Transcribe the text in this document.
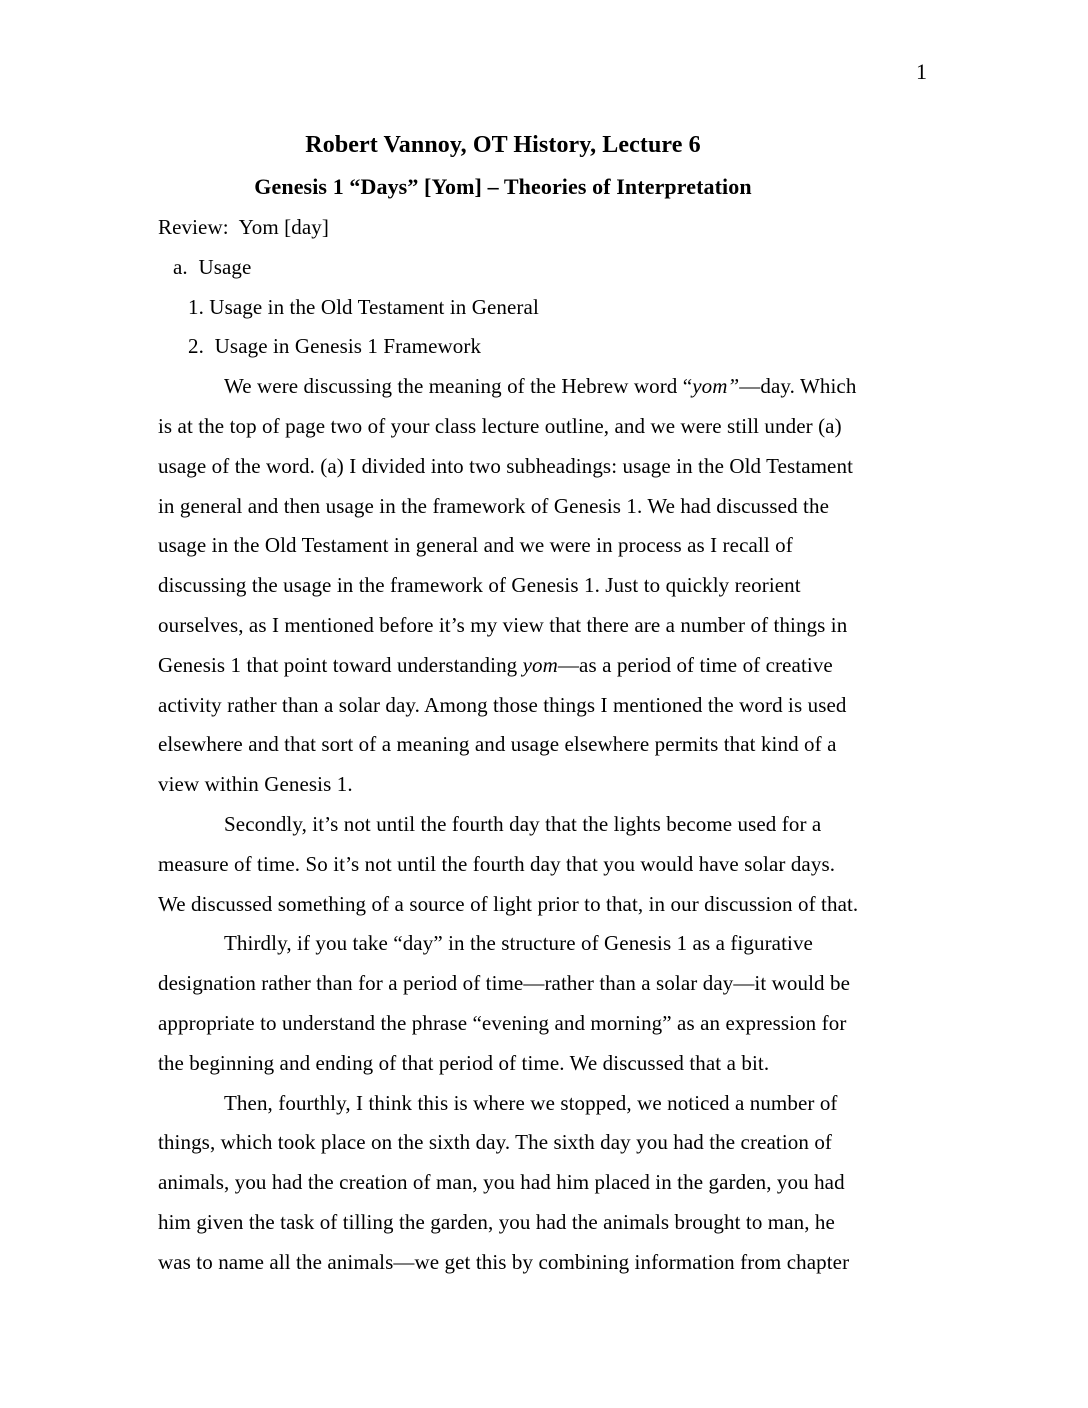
1
Robert Vannoy, OT History, Lecture 6
Genesis 1 “Days” [Yom] – Theories of Interpretation
Review:  Yom [day]
a.  Usage
1. Usage in the Old Testament in General
2.  Usage in Genesis 1 Framework
We were discussing the meaning of the Hebrew word “yom”—day. Which
is at the top of page two of your class lecture outline, and we were still under (a)
usage of the word. (a) I divided into two subheadings: usage in the Old Testament
in general and then usage in the framework of Genesis 1. We had discussed the
usage in the Old Testament in general and we were in process as I recall of
discussing the usage in the framework of Genesis 1. Just to quickly reorient
ourselves, as I mentioned before it’s my view that there are a number of things in
Genesis 1 that point toward understanding yom—as a period of time of creative
activity rather than a solar day. Among those things I mentioned the word is used
elsewhere and that sort of a meaning and usage elsewhere permits that kind of a
view within Genesis 1.
Secondly, it’s not until the fourth day that the lights become used for a
measure of time. So it’s not until the fourth day that you would have solar days.
We discussed something of a source of light prior to that, in our discussion of that.
Thirdly, if you take “day” in the structure of Genesis 1 as a figurative
designation rather than for a period of time—rather than a solar day—it would be
appropriate to understand the phrase “evening and morning” as an expression for
the beginning and ending of that period of time. We discussed that a bit.
Then, fourthly, I think this is where we stopped, we noticed a number of
things, which took place on the sixth day. The sixth day you had the creation of
animals, you had the creation of man, you had him placed in the garden, you had
him given the task of tilling the garden, you had the animals brought to man, he
was to name all the animals—we get this by combining information from chapter
